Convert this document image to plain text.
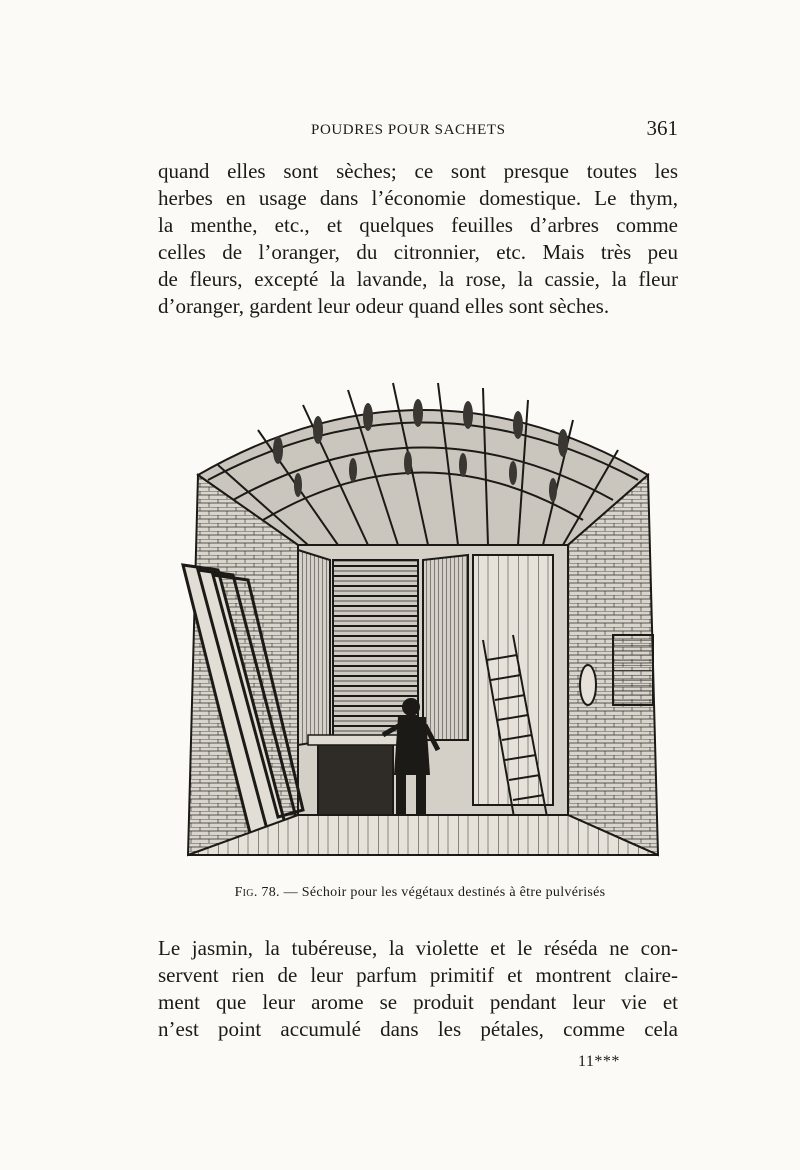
POUDRES POUR SACHETS	361
quand elles sont sèches; ce sont presque toutes les
herbes en usage dans l’économie domestique. Le thym,
la menthe, etc., et quelques feuilles d’arbres comme
celles de l’oranger, du citronnier, etc. Mais très peu
de fleurs, excepté la lavande, la rose, la cassie, la fleur
d’oranger, gardent leur odeur quand elles sont sèches.
Fig. 78. — Séchoir pour les végétaux destinés à être pulvérisés
Le jasmin, la tubéreuse, la violette et le réséda ne con-
servent rien de leur parfum primitif et montrent claire-
ment que leur arome se produit pendant leur vie et
n’est point accumulé dans les pétales, comme cela
11***
